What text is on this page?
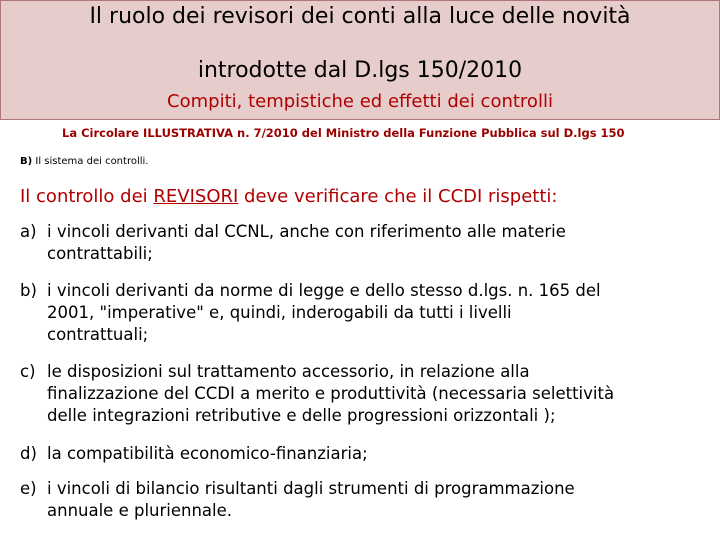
Il ruolo dei revisori dei conti alla luce delle novità
introdotte dal D.lgs 150/2010
Compiti, tempistiche ed effetti dei controlli
La Circolare ILLUSTRATIVA n. 7/2010 del Ministro della Funzione Pubblica sul D.lgs 150
B) Il sistema dei controlli.
Il controllo dei REVISORI deve verificare che il CCDI rispetti:
a) i vincoli derivanti dal CCNL, anche con riferimento alle materie
contrattabili;
b) i vincoli derivanti da norme di legge e dello stesso d.lgs. n. 165 del
2001, "imperative" e, quindi, inderogabili da tutti i livelli
contrattuali;
c) le disposizioni sul trattamento accessorio, in relazione alla
finalizzazione del CCDI a merito e produttività (necessaria selettività
delle integrazioni retributive e delle progressioni orizzontali );
d) la compatibilità economico-finanziaria;
e) i vincoli di bilancio risultanti dagli strumenti di programmazione
annuale e pluriennale.
